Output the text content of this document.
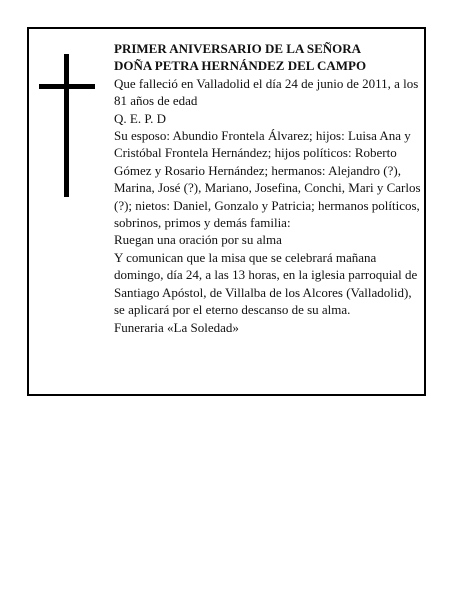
PRIMER ANIVERSARIO DE LA SEÑORA

DOÑA PETRA HERNÁNDEZ DEL CAMPO

Que falleció en Valladolid el día 24 de junio de 2011, a los 81 años de edad

Q. E. P. D

Su esposo: Abundio Frontela Álvarez; hijos: Luisa Ana y Cristóbal Frontela Hernández; hijos políticos: Roberto Gómez y Rosario Hernández; hermanos: Alejandro (?), Marina, José (?), Mariano, Josefina, Conchi, Mari y Carlos (?); nietos: Daniel, Gonzalo y Patricia; hermanos políticos, sobrinos, primos y demás familia:

Ruegan una oración por su alma

Y comunican que la misa que se celebrará mañana domingo, día 24, a las 13 horas, en la iglesia parroquial de Santiago Apóstol, de Villalba de los Alcores (Valladolid), se aplicará por el eterno descanso de su alma.

Funeraria «La Soledad»
